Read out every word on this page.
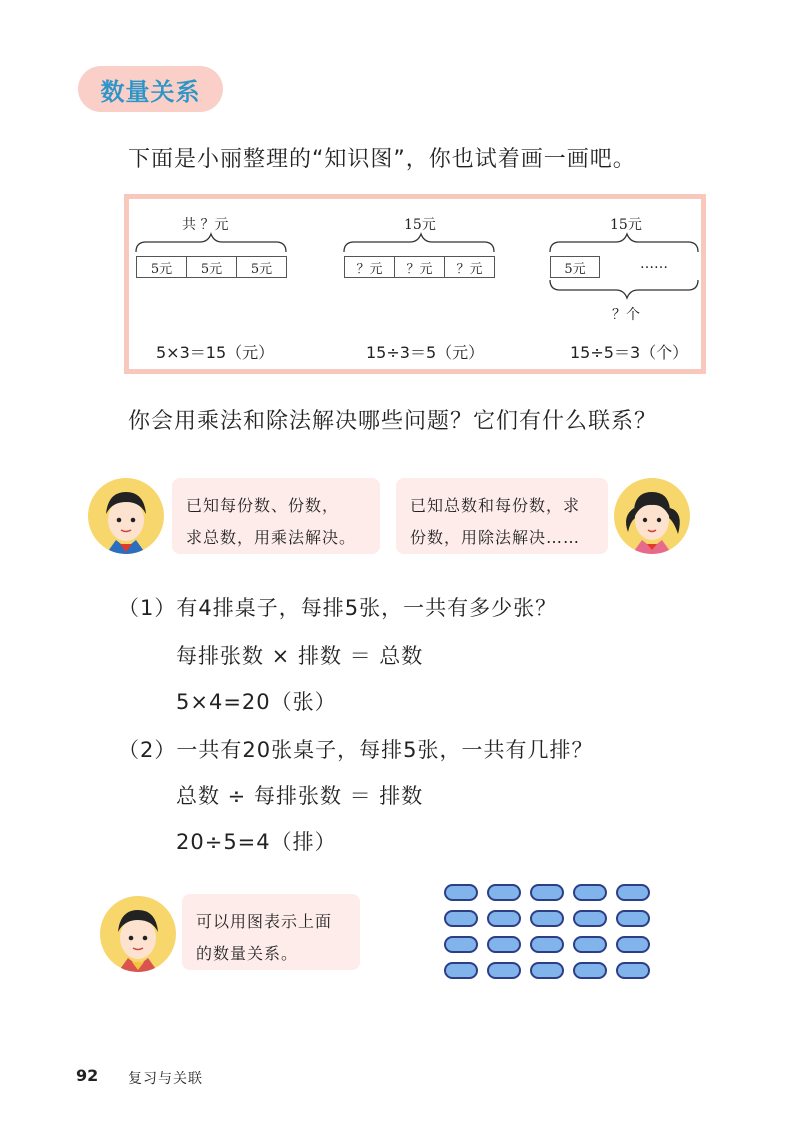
数量关系
下面是小丽整理的“知识图”，你也试着画一画吧。
共 ？元
5元	5元	5元
5×3＝15（元）
15元
？元	？元	？元
15÷3＝5（元）
15元
5元	……
？个
15÷5＝3（个）
你会用乘法和除法解决哪些问题？它们有什么联系？
已知每份数、份数，
求总数，用乘法解决。
已知总数和每份数，求
份数，用除法解决……
（1）有4排桌子，每排5张，一共有多少张？
每排张数 × 排数 ＝ 总数
5×4=20（张）
（2）一共有20张桌子，每排5张，一共有几排？
总数 ÷ 每排张数 ＝ 排数
20÷5=4（排）
可以用图表示上面
的数量关系。
92 复习与关联
